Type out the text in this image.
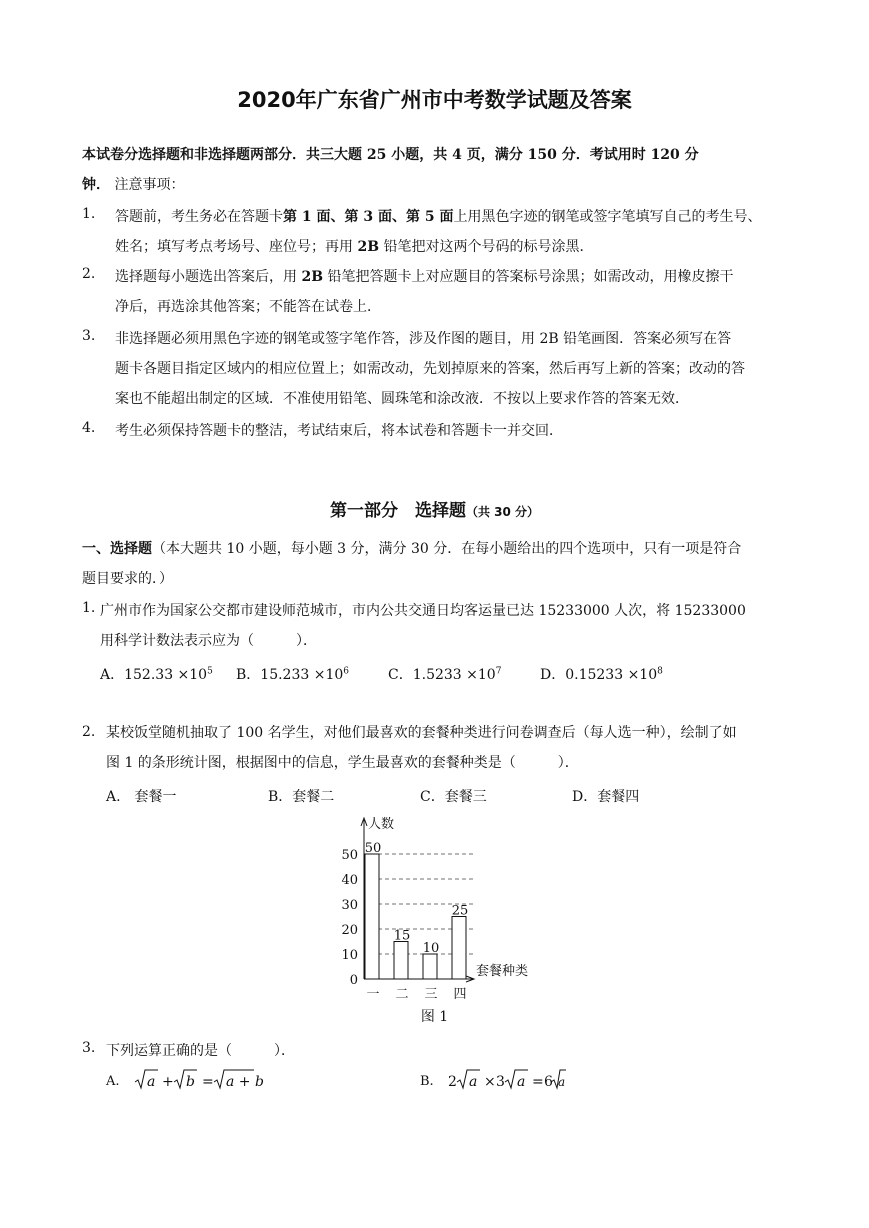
2020年广东省广州市中考数学试题及答案
本试卷分选择题和非选择题两部分．共三大题 25 小题，共 4 页，满分 150 分．考试用时 120 分
钟． 注意事项：
1. 答题前，考生务必在答题卡第 1 面、第 3 面、第 5 面上用黑色字迹的钢笔或签字笔填写自己的考生号、
姓名；填写考点考场号、座位号；再用 2B 铅笔把对这两个号码的标号涂黑．
2. 选择题每小题选出答案后，用 2B 铅笔把答题卡上对应题目的答案标号涂黑；如需改动，用橡皮擦干
净后，再选涂其他答案；不能答在试卷上．
3. 非选择题必须用黑色字迹的钢笔或签字笔作答，涉及作图的题目，用 2B 铅笔画图．答案必须写在答
题卡各题目指定区域内的相应位置上；如需改动，先划掉原来的答案，然后再写上新的答案；改动的答
案也不能超出制定的区域．不准使用铅笔、圆珠笔和涂改液．不按以上要求作答的答案无效．
4. 考生必须保持答题卡的整洁，考试结束后，将本试卷和答题卡一并交回．
第一部分　选择题（共 30 分）
一、选择题（本大题共 10 小题，每小题 3 分，满分 30 分．在每小题给出的四个选项中，只有一项是符合
题目要求的．）
1. 广州市作为国家公交都市建设师范城市，市内公共交通日均客运量已达 15233000 人次，将 15233000
用科学计数法表示应为（　　　）．
A．$152.33 \times 10^5$ B．$15.233 \times 10^6$	C．$1.5233 \times 10^7$	D．$0.15233 \times 10^8$
2. 某校饭堂随机抽取了 100 名学生，对他们最喜欢的套餐种类进行问卷调查后（每人选一种），绘制了如
图 1 的条形统计图，根据图中的信息，学生最喜欢的套餐种类是（　　　）．
A.　套餐一	B．套餐二	C．套餐三	D．套餐四
0
10
20
30
40
50 50
一
15
二
10
三
25
四
人数
套餐种类
图 1
3. 下列运算正确的是（　　　）．
A. a + b = a + b	B. 2 a × 3 a = 6 a
